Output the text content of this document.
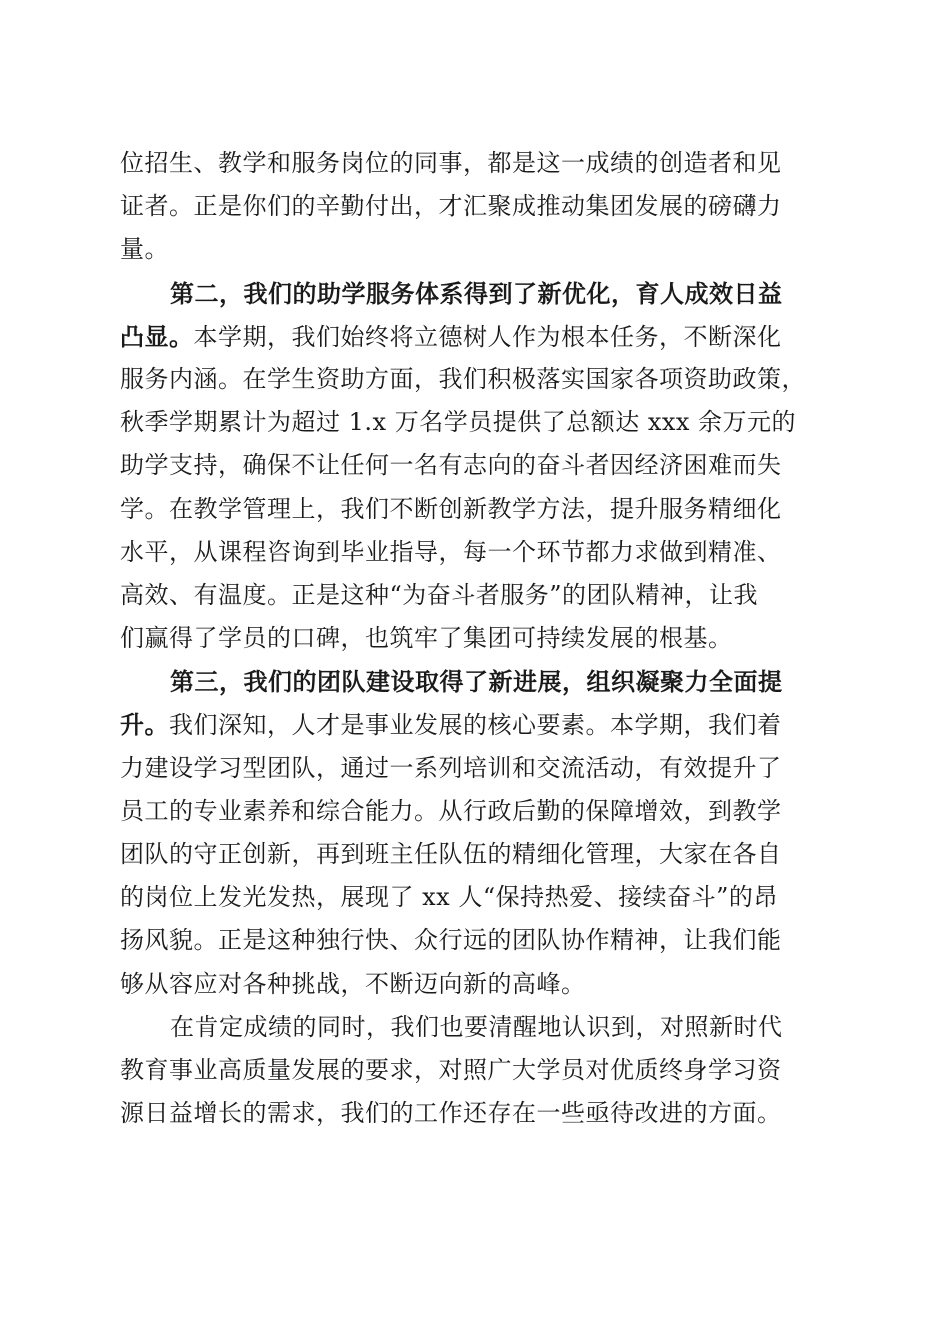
位招生、教学和服务岗位的同事，都是这一成绩的创造者和见
证者。正是你们的辛勤付出，才汇聚成推动集团发展的磅礴力
量。
第二，我们的助学服务体系得到了新优化，育人成效日益
凸显。本学期，我们始终将立德树人作为根本任务，不断深化
服务内涵。在学生资助方面，我们积极落实国家各项资助政策，
秋季学期累计为超过 1.x 万名学员提供了总额达 xxx 余万元的
助学支持，确保不让任何一名有志向的奋斗者因经济困难而失
学。在教学管理上，我们不断创新教学方法，提升服务精细化
水平，从课程咨询到毕业指导，每一个环节都力求做到精准、
高效、有温度。正是这种“为奋斗者服务”的团队精神，让我
们赢得了学员的口碑，也筑牢了集团可持续发展的根基。
第三，我们的团队建设取得了新进展，组织凝聚力全面提
升。我们深知，人才是事业发展的核心要素。本学期，我们着
力建设学习型团队，通过一系列培训和交流活动，有效提升了
员工的专业素养和综合能力。从行政后勤的保障增效，到教学
团队的守正创新，再到班主任队伍的精细化管理，大家在各自
的岗位上发光发热，展现了 xx 人“保持热爱、接续奋斗”的昂
扬风貌。正是这种独行快、众行远的团队协作精神，让我们能
够从容应对各种挑战，不断迈向新的高峰。
在肯定成绩的同时，我们也要清醒地认识到，对照新时代
教育事业高质量发展的要求，对照广大学员对优质终身学习资
源日益增长的需求，我们的工作还存在一些亟待改进的方面。
